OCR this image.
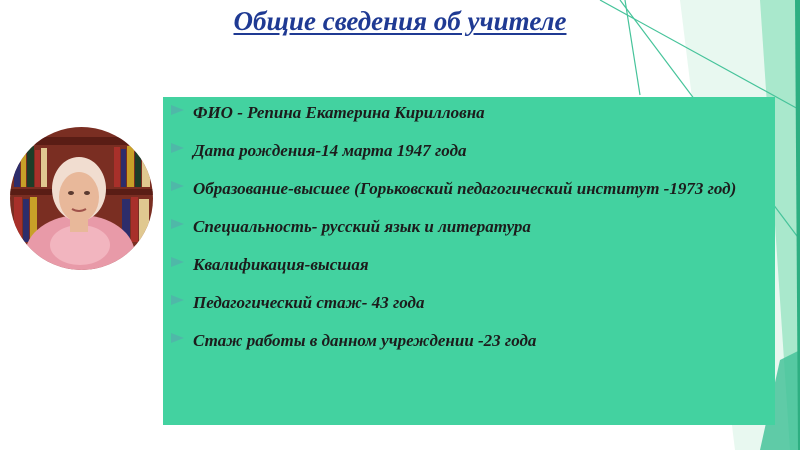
Общие сведения об учителе
ФИО - Репина Екатерина Кирилловна
Дата рождения-14 марта 1947 года
Образование-высшее (Горьковский педагогический институт -1973 год)
Специальность- русский язык и литература
Квалификация-высшая
Педагогический стаж- 43 года
Стаж работы в данном учреждении -23 года
